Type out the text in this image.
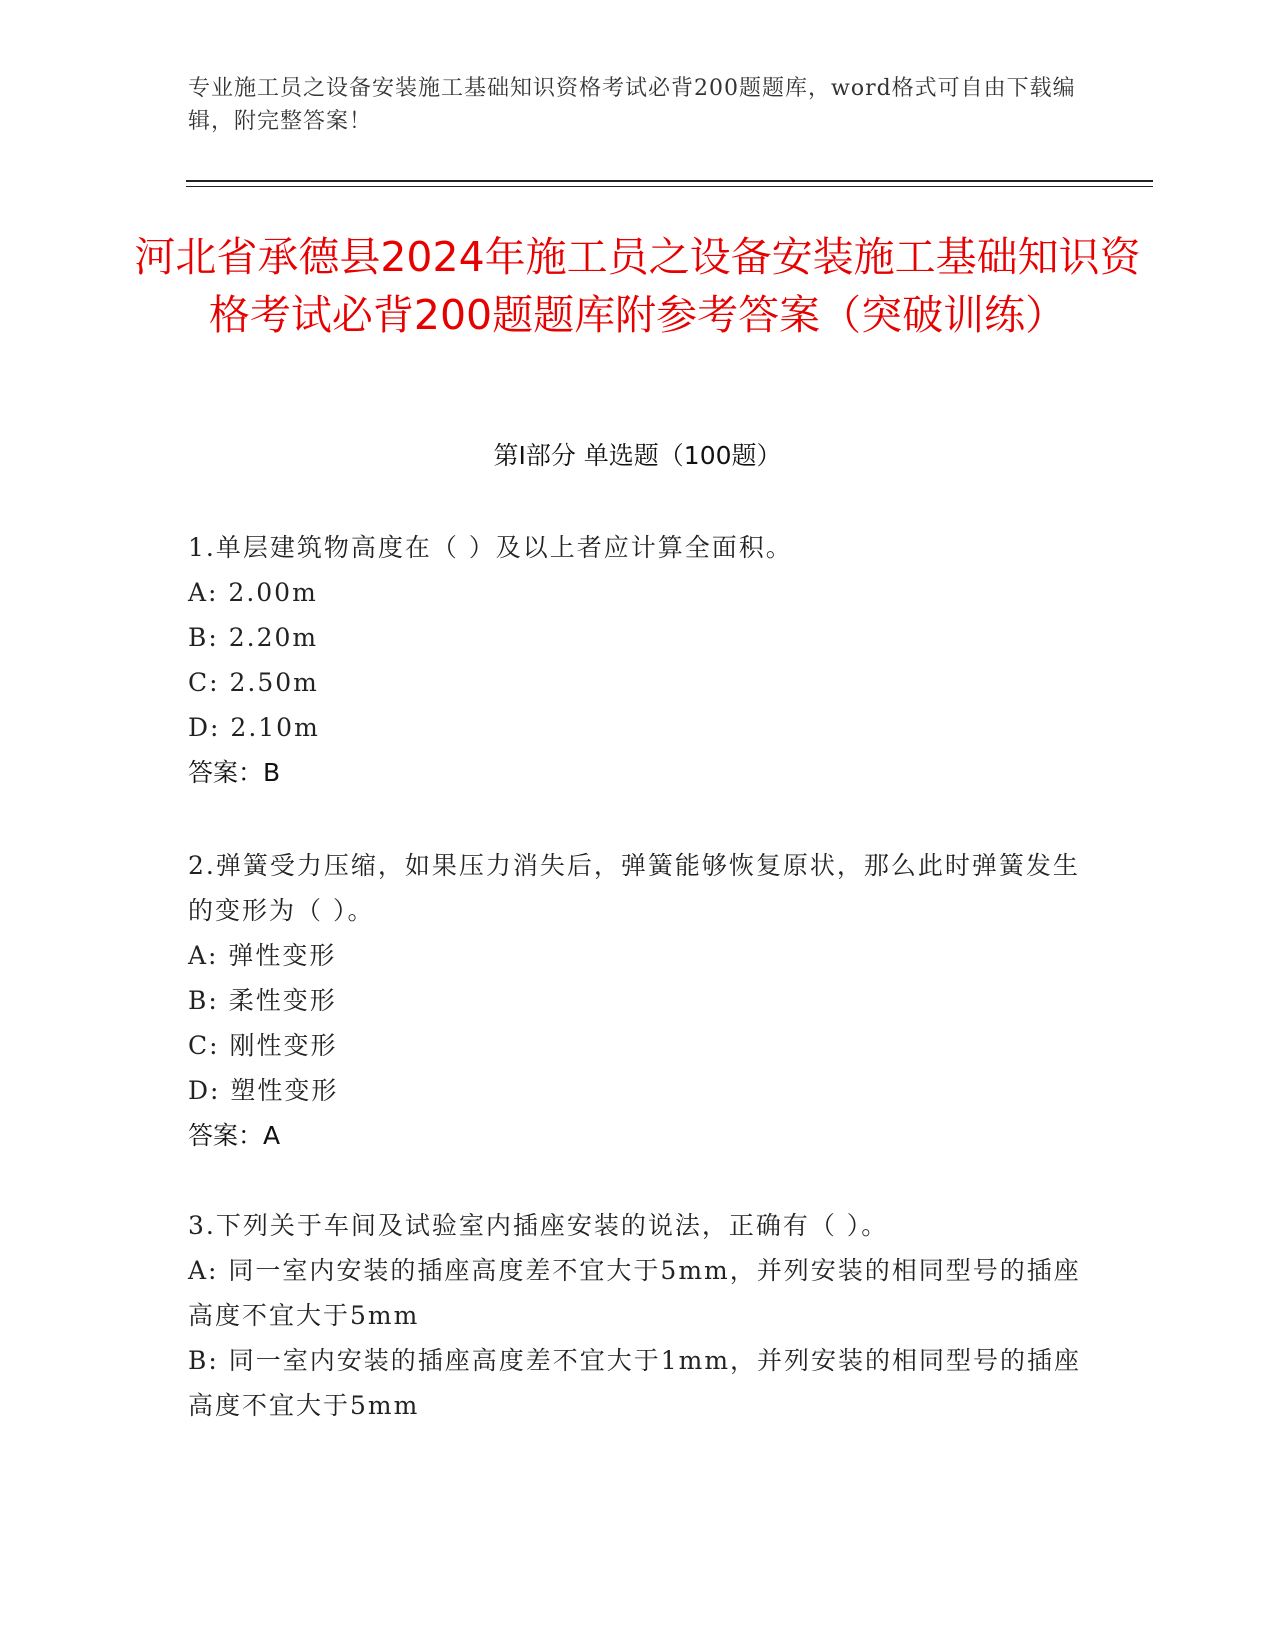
专业施工员之设备安装施工基础知识资格考试必背200题题库，word格式可自由下载编辑，附完整答案！
河北省承德县2024年施工员之设备安装施工基础知识资格考试必背200题题库附参考答案（突破训练）
第Ⅰ部分 单选题（100题）
1.单层建筑物高度在（ ）及以上者应计算全面积。
A: 2.00m
B: 2.20m
C: 2.50m
D: 2.10m
答案：B
2.弹簧受力压缩，如果压力消失后，弹簧能够恢复原状，那么此时弹簧发生的变形为（ ）。
A: 弹性变形
B: 柔性变形
C: 刚性变形
D: 塑性变形
答案：A
3.下列关于车间及试验室内插座安装的说法，正确有（ ）。
A: 同一室内安装的插座高度差不宜大于5mm，并列安装的相同型号的插座高度不宜大于5mm
B: 同一室内安装的插座高度差不宜大于1mm，并列安装的相同型号的插座高度不宜大于5mm
